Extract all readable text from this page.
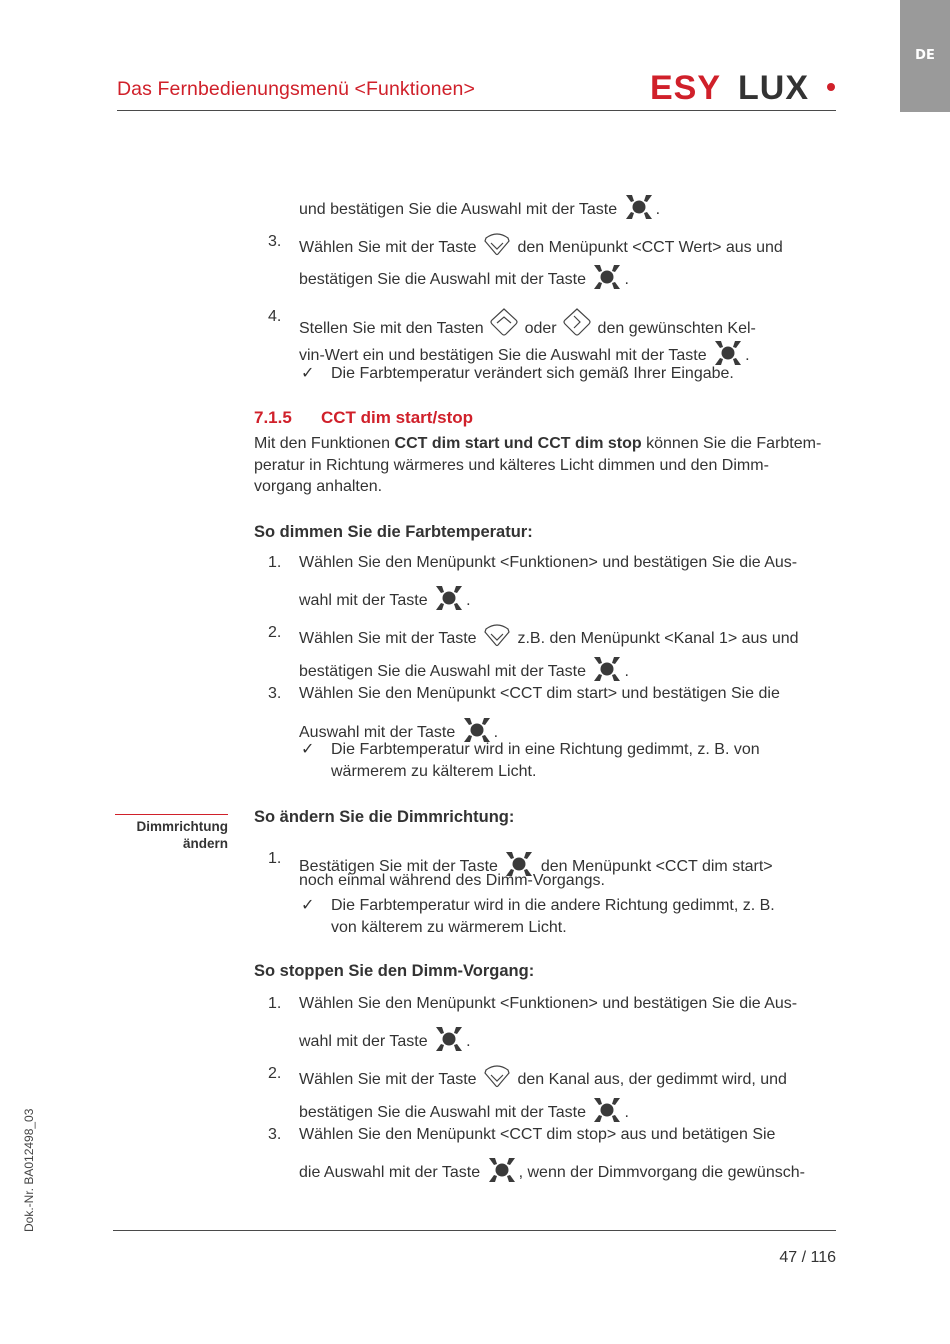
DE
Das Fernbedienungsmenü <Funktionen>	ESY LUX
und bestätigen Sie die Auswahl mit der Taste .
3. Wählen Sie mit der Taste	den Menüpunkt <CCT Wert> aus und
bestätigen Sie die Auswahl mit der Taste .
4.
Stellen Sie mit den Tasten	oder	den gewünschten Kel-
vin-Wert ein und bestätigen Sie die Auswahl mit der Taste .
✓ Die Farbtemperatur verändert sich gemäß Ihrer Eingabe.
7.1.5 CCT dim start/stop
Mit den Funktionen CCT dim start und CCT dim stop können Sie die Farbtem-
peratur in Richtung wärmeres und kälteres Licht dimmen und den Dimm-
vorgang anhalten.
So dimmen Sie die Farbtemperatur:
1. Wählen Sie den Menüpunkt <Funktionen> und bestätigen Sie die Aus-
wahl mit der Taste .
2. Wählen Sie mit der Taste	z.B. den Menüpunkt <Kanal 1> aus und
bestätigen Sie die Auswahl mit der Taste .
3. Wählen Sie den Menüpunkt <CCT dim start> und bestätigen Sie die
Auswahl mit der Taste .
✓ Die Farbtemperatur wird in eine Richtung gedimmt, z. B. von
wärmerem zu kälterem Licht.
Dimmrichtung
ändern
So ändern Sie die Dimmrichtung:
1. Bestätigen Sie mit der Taste	den Menüpunkt <CCT dim start>
noch einmal während des Dimm-Vorgangs.
✓ Die Farbtemperatur wird in die andere Richtung gedimmt, z. B.
von kälterem zu wärmerem Licht.
So stoppen Sie den Dimm-Vorgang:
1. Wählen Sie den Menüpunkt <Funktionen> und bestätigen Sie die Aus-
wahl mit der Taste .
2. Wählen Sie mit der Taste	den Kanal aus, der gedimmt wird, und
bestätigen Sie die Auswahl mit der Taste .
3. Wählen Sie den Menüpunkt <CCT dim stop> aus und betätigen Sie
die Auswahl mit der Taste , wenn der Dimmvorgang die gewünsch-
Dok.-Nr. BA012498_03
47 / 116
